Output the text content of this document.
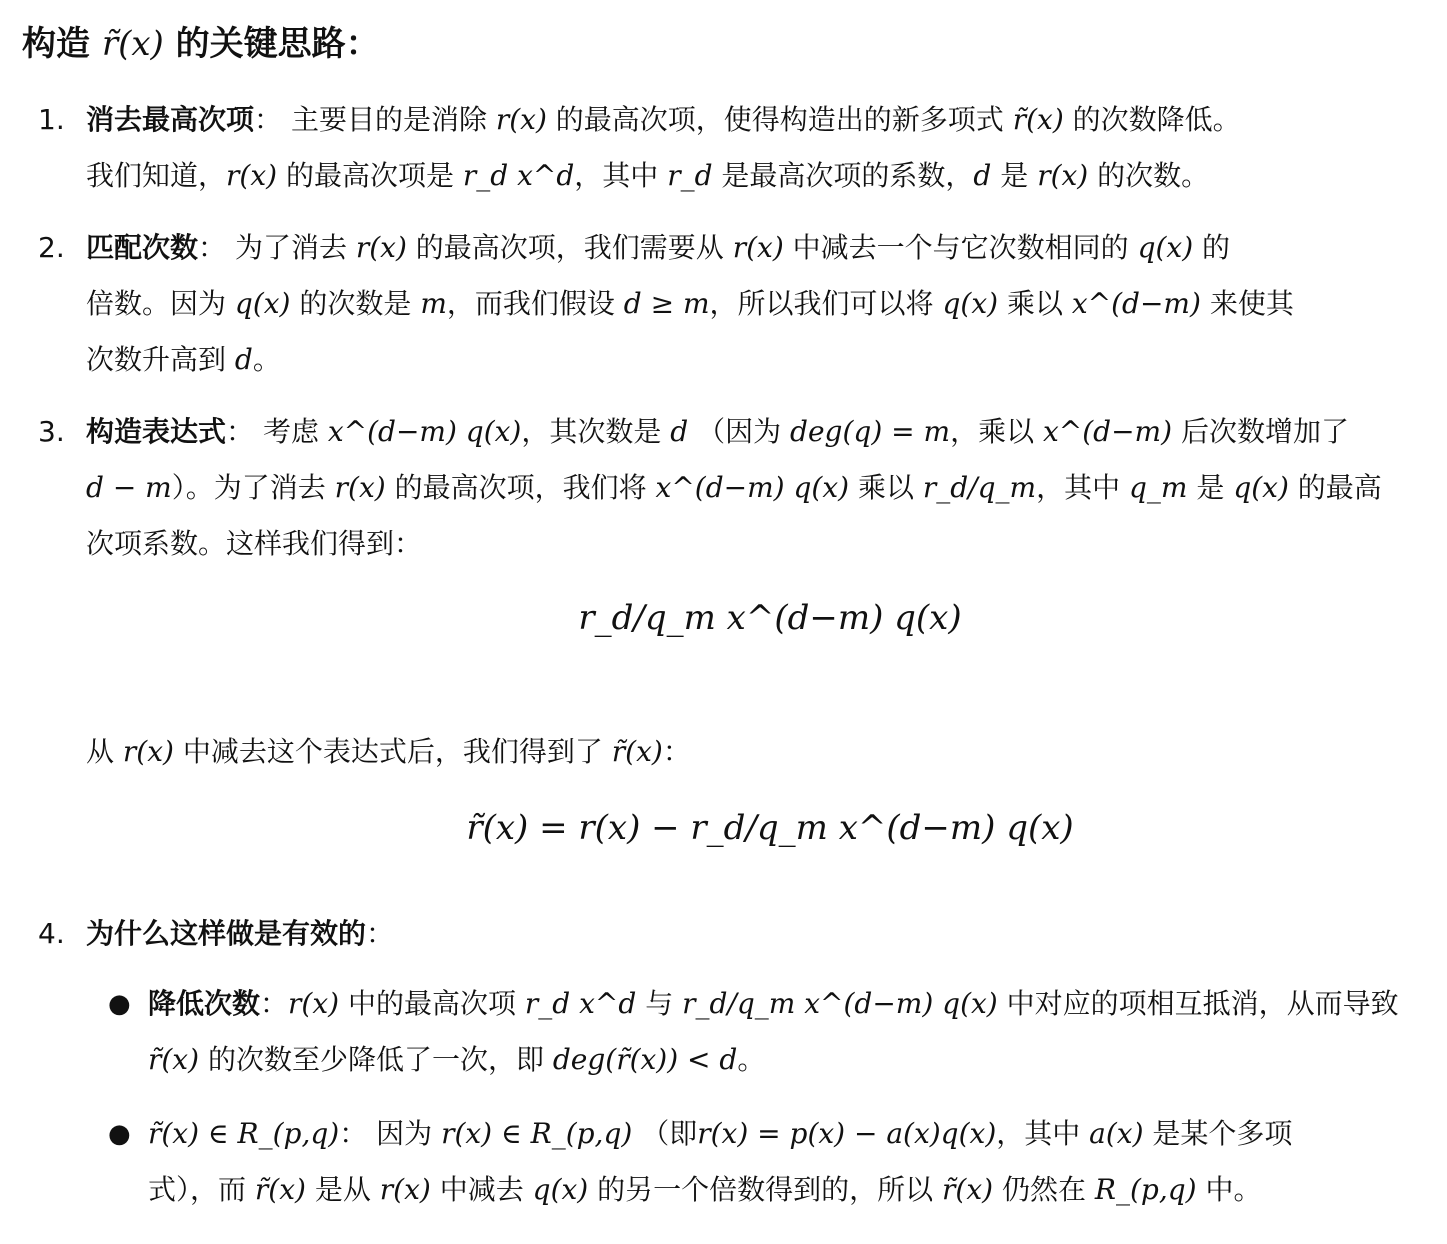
构造 r̃(x) 的关键思路：
1. 消去最高次项： 主要目的是消除 r(x) 的最高次项，使得构造出的新多项式 r̃(x) 的次数降低。
我们知道，r(x) 的最高次项是 r_d x^d，其中 r_d 是最高次项的系数，d 是 r(x) 的次数。
2. 匹配次数： 为了消去 r(x) 的最高次项，我们需要从 r(x) 中减去一个与它次数相同的 q(x) 的
倍数。因为 q(x) 的次数是 m，而我们假设 d ≥ m，所以我们可以将 q(x) 乘以 x^(d−m) 来使其
次数升高到 d。
3. 构造表达式： 考虑 x^(d−m) q(x)，其次数是 d （因为 deg(q) = m，乘以 x^(d−m) 后次数增加了
d − m）。为了消去 r(x) 的最高次项，我们将 x^(d−m) q(x) 乘以 r_d/q_m，其中 q_m 是 q(x) 的最高
次项系数。这样我们得到：
r_d/q_m x^(d−m) q(x)
从 r(x) 中减去这个表达式后，我们得到了 r̃(x)：
r̃(x) = r(x) − r_d/q_m x^(d−m) q(x)
4. 为什么这样做是有效的：
● 降低次数：r(x) 中的最高次项 r_d x^d 与 r_d/q_m x^(d−m) q(x) 中对应的项相互抵消，从而导致
r̃(x) 的次数至少降低了一次，即 deg(r̃(x)) < d。
● r̃(x) ∈ R_(p,q)： 因为 r(x) ∈ R_(p,q) （即r(x) = p(x) − a(x)q(x)，其中 a(x) 是某个多项
式），而 r̃(x) 是从 r(x) 中减去 q(x) 的另一个倍数得到的，所以 r̃(x) 仍然在 R_(p,q) 中。
